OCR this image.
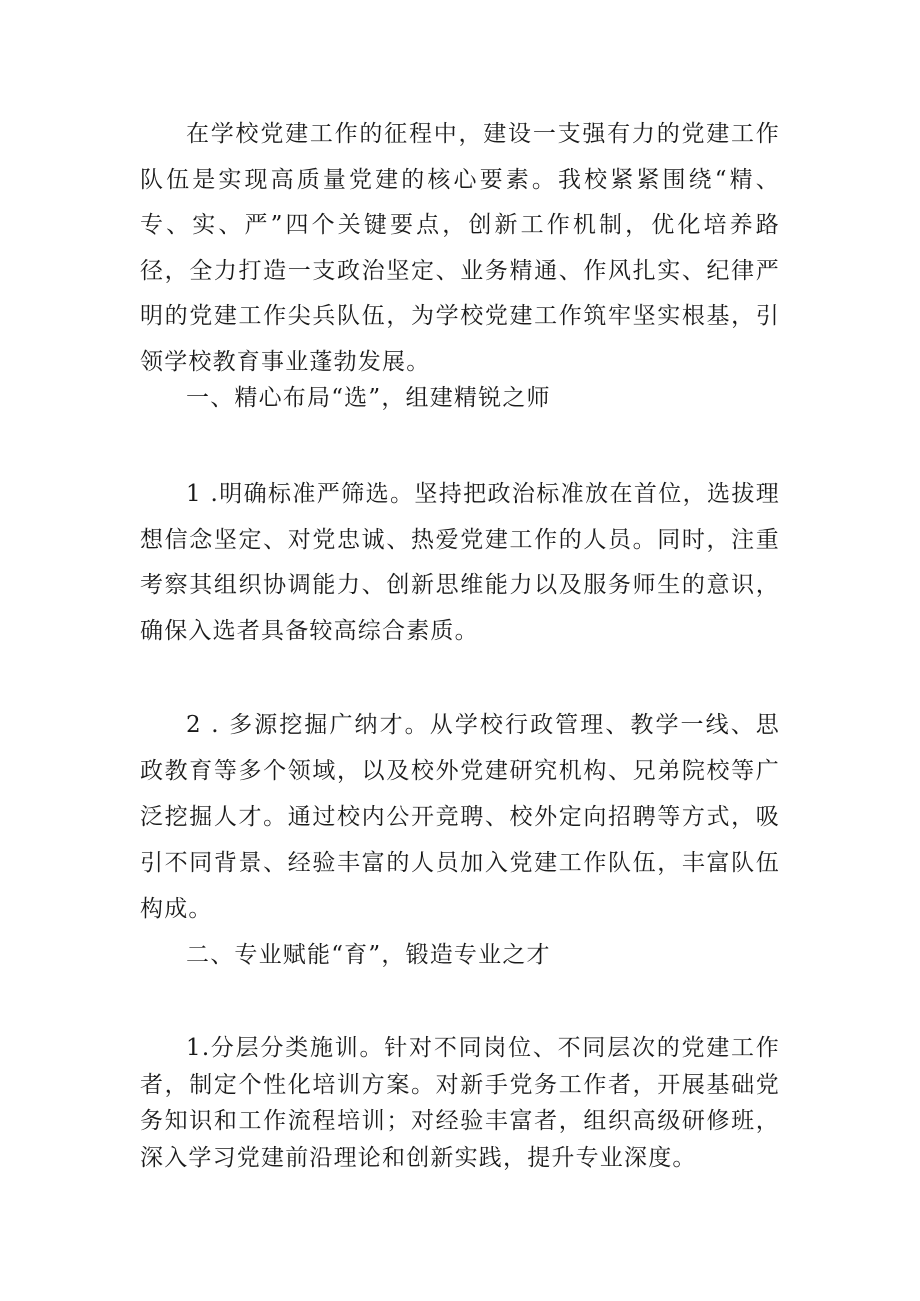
在学校党建工作的征程中，建设一支强有力的党建工作队伍是实现高质量党建的核心要素。我校紧紧围绕“精、专、实、严”四个关键要点，创新工作机制，优化培养路径，全力打造一支政治坚定、业务精通、作风扎实、纪律严明的党建工作尖兵队伍，为学校党建工作筑牢坚实根基，引领学校教育事业蓬勃发展。

一、精心布局“选”，组建精锐之师

1 .明确标准严筛选。坚持把政治标准放在首位，选拔理想信念坚定、对党忠诚、热爱党建工作的人员。同时，注重考察其组织协调能力、创新思维能力以及服务师生的意识，确保入选者具备较高综合素质。

2 . 多源挖掘广纳才。从学校行政管理、教学一线、思政教育等多个领域，以及校外党建研究机构、兄弟院校等广泛挖掘人才。通过校内公开竞聘、校外定向招聘等方式，吸引不同背景、经验丰富的人员加入党建工作队伍，丰富队伍构成。

二、专业赋能“育”，锻造专业之才

1.分层分类施训。针对不同岗位、不同层次的党建工作者，制定个性化培训方案。对新手党务工作者，开展基础党务知识和工作流程培训；对经验丰富者，组织高级研修班，深入学习党建前沿理论和创新实践，提升专业深度。
